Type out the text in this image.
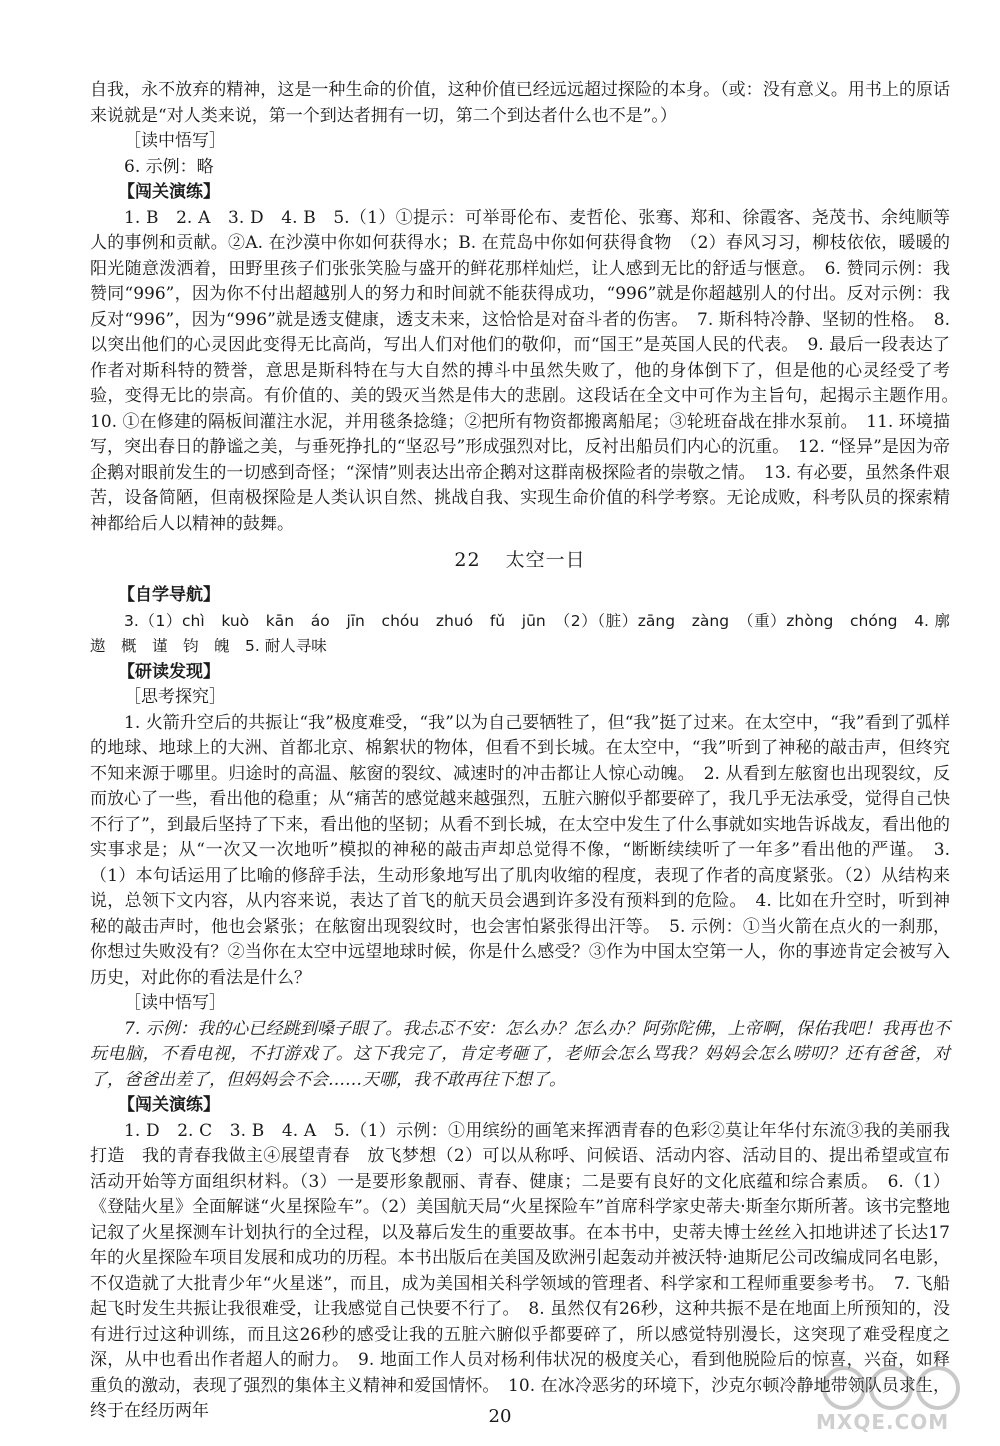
自我，永不放弃的精神，这是一种生命的价值，这种价值已经远远超过探险的本身。（或：没有意义。用书上的原话来说就是“对人类来说，第一个到达者拥有一切，第二个到达者什么也不是”。）

［读中悟写］

6. 示例：略

【闯关演练】

1. B　2. A　3. D　4. B　5.（1）①提示：可举哥伦布、麦哲伦、张骞、郑和、徐霞客、尧茂书、余纯顺等人的事例和贡献。②A. 在沙漠中你如何获得水；B. 在荒岛中你如何获得食物　（2）春风习习，柳枝依依，暖暖的阳光随意泼洒着，田野里孩子们张张笑脸与盛开的鲜花那样灿烂，让人感到无比的舒适与惬意。　6. 赞同示例：我赞同“996”，因为你不付出超越别人的努力和时间就不能获得成功，“996”就是你超越别人的付出。反对示例：我反对“996”，因为“996”就是透支健康，透支未来，这恰恰是对奋斗者的伤害。　7. 斯科特冷静、坚韧的性格。　8. 以突出他们的心灵因此变得无比高尚，写出人们对他们的敬仰，而“国王”是英国人民的代表。　9. 最后一段表达了作者对斯科特的赞誉，意思是斯科特在与大自然的搏斗中虽然失败了，他的身体倒下了，但是他的心灵经受了考验，变得无比的崇高。有价值的、美的毁灭当然是伟大的悲剧。这段话在全文中可作为主旨句，起揭示主题作用。　10. ①在修建的隔板间灌注水泥，并用毯条捻缝；②把所有物资都搬离船尾；③轮班奋战在排水泵前。　11. 环境描写，突出春日的静谧之美，与垂死挣扎的“坚忍号”形成强烈对比，反衬出船员们内心的沉重。　12. “怪异”是因为帝企鹅对眼前发生的一切感到奇怪；“深情”则表达出帝企鹅对这群南极探险者的崇敬之情。　13. 有必要，虽然条件艰苦，设备简陋，但南极探险是人类认识自然、挑战自我、实现生命价值的科学考察。无论成败，科考队员的探索精神都给后人以精神的鼓舞。

22 太空一日

【自学导航】

3.（1）chì　kuò　kān　áo　jīn　chóu　zhuó　fǔ　jūn　（2）（脏）zāng　zàng　（重）zhòng　chóng　4. 廓　遨　概　谨　钧　魄　5. 耐人寻味

【研读发现】

［思考探究］

1. 火箭升空后的共振让“我”极度难受，“我”以为自己要牺牲了，但“我”挺了过来。在太空中，“我”看到了弧样的地球、地球上的大洲、首都北京、棉絮状的物体，但看不到长城。在太空中，“我”听到了神秘的敲击声，但终究不知来源于哪里。归途时的高温、舷窗的裂纹、减速时的冲击都让人惊心动魄。　2. 从看到左舷窗也出现裂纹，反而放心了一些，看出他的稳重；从“痛苦的感觉越来越强烈，五脏六腑似乎都要碎了，我几乎无法承受，觉得自己快不行了”，到最后坚持了下来，看出他的坚韧；从看不到长城，在太空中发生了什么事就如实地告诉战友，看出他的实事求是；从“一次又一次地听”模拟的神秘的敲击声却总觉得不像，“断断续续听了一年多”看出他的严谨。　3.（1）本句话运用了比喻的修辞手法，生动形象地写出了肌肉收缩的程度，表现了作者的高度紧张。（2）从结构来说，总领下文内容，从内容来说，表达了首飞的航天员会遇到许多没有预料到的危险。　4. 比如在升空时，听到神秘的敲击声时，他也会紧张；在舷窗出现裂纹时，也会害怕紧张得出汗等。　5. 示例：①当火箭在点火的一刹那，你想过失败没有？②当你在太空中远望地球时候，你是什么感受？③作为中国太空第一人，你的事迹肯定会被写入历史，对此你的看法是什么？

［读中悟写］

7. 示例：我的心已经跳到嗓子眼了。我忐忑不安：怎么办？怎么办？阿弥陀佛，上帝啊，保佑我吧！我再也不玩电脑，不看电视，不打游戏了。这下我完了，肯定考砸了，老师会怎么骂我？妈妈会怎么唠叨？还有爸爸，对了，爸爸出差了，但妈妈会不会……天哪，我不敢再往下想了。

【闯关演练】

1. D　2. C　3. B　4. A　5.（1）示例：①用缤纷的画笔来挥洒青春的色彩②莫让年华付东流③我的美丽我打造　我的青春我做主④展望青春　放飞梦想（2）可以从称呼、问候语、活动内容、活动目的、提出希望或宣布活动开始等方面组织材料。（3）一是要形象靓丽、青春、健康；二是要有良好的文化底蕴和综合素质。　6.（1）《登陆火星》全面解谜“火星探险车”。（2）美国航天局“火星探险车”首席科学家史蒂夫·斯奎尔斯所著。该书完整地记叙了火星探测车计划执行的全过程，以及幕后发生的重要故事。在本书中，史蒂夫博士丝丝入扣地讲述了长达17年的火星探险车项目发展和成功的历程。本书出版后在美国及欧洲引起轰动并被沃特·迪斯尼公司改编成同名电影，不仅造就了大批青少年“火星迷”，而且，成为美国相关科学领域的管理者、科学家和工程师重要参考书。　7. 飞船起飞时发生共振让我很难受，让我感觉自己快要不行了。　8. 虽然仅有26秒，这种共振不是在地面上所预知的，没有进行过这种训练，而且这26秒的感受让我的五脏六腑似乎都要碎了，所以感觉特别漫长，这突现了难受程度之深，从中也看出作者超人的耐力。　9. 地面工作人员对杨利伟状况的极度关心，看到他脱险后的惊喜，兴奋，如释重负的激动，表现了强烈的集体主义精神和爱国情怀。　10. 在冰冷恶劣的环境下，沙克尔顿冷静地带领队员求生，终于在经历两年	20	MXQE.COM
